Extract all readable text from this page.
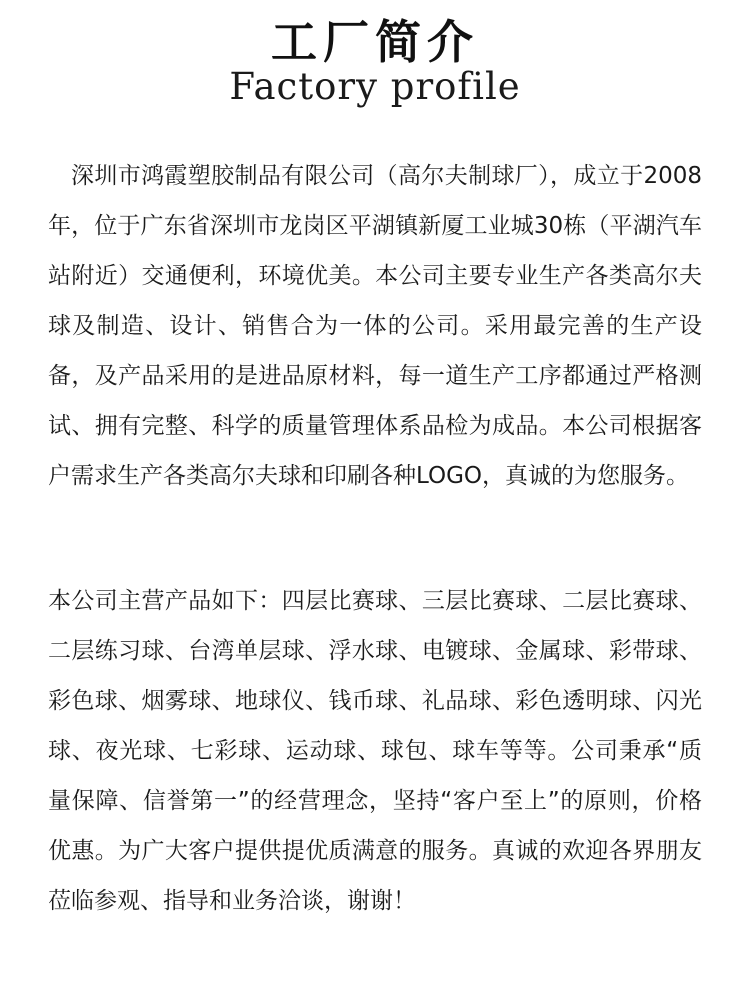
工厂简介
Factory profile

深圳市鸿霞塑胶制品有限公司（高尔夫制球厂），成立于2008年，位于广东省深圳市龙岗区平湖镇新厦工业城30栋（平湖汽车站附近）交通便利，环境优美。本公司主要专业生产各类高尔夫球及制造、设计、销售合为一体的公司。采用最完善的生产设备，及产品采用的是进品原材料，每一道生产工序都通过严格测试、拥有完整、科学的质量管理体系品检为成品。本公司根据客户需求生产各类高尔夫球和印刷各种LOGO，真诚的为您服务。

本公司主营产品如下：四层比赛球、三层比赛球、二层比赛球、二层练习球、台湾单层球、浮水球、电镀球、金属球、彩带球、彩色球、烟雾球、地球仪、钱币球、礼品球、彩色透明球、闪光球、夜光球、七彩球、运动球、球包、球车等等。公司秉承“质量保障、信誉第一”的经营理念，坚持“客户至上”的原则，价格优惠。为广大客户提供提优质满意的服务。真诚的欢迎各界朋友莅临参观、指导和业务洽谈，谢谢！
